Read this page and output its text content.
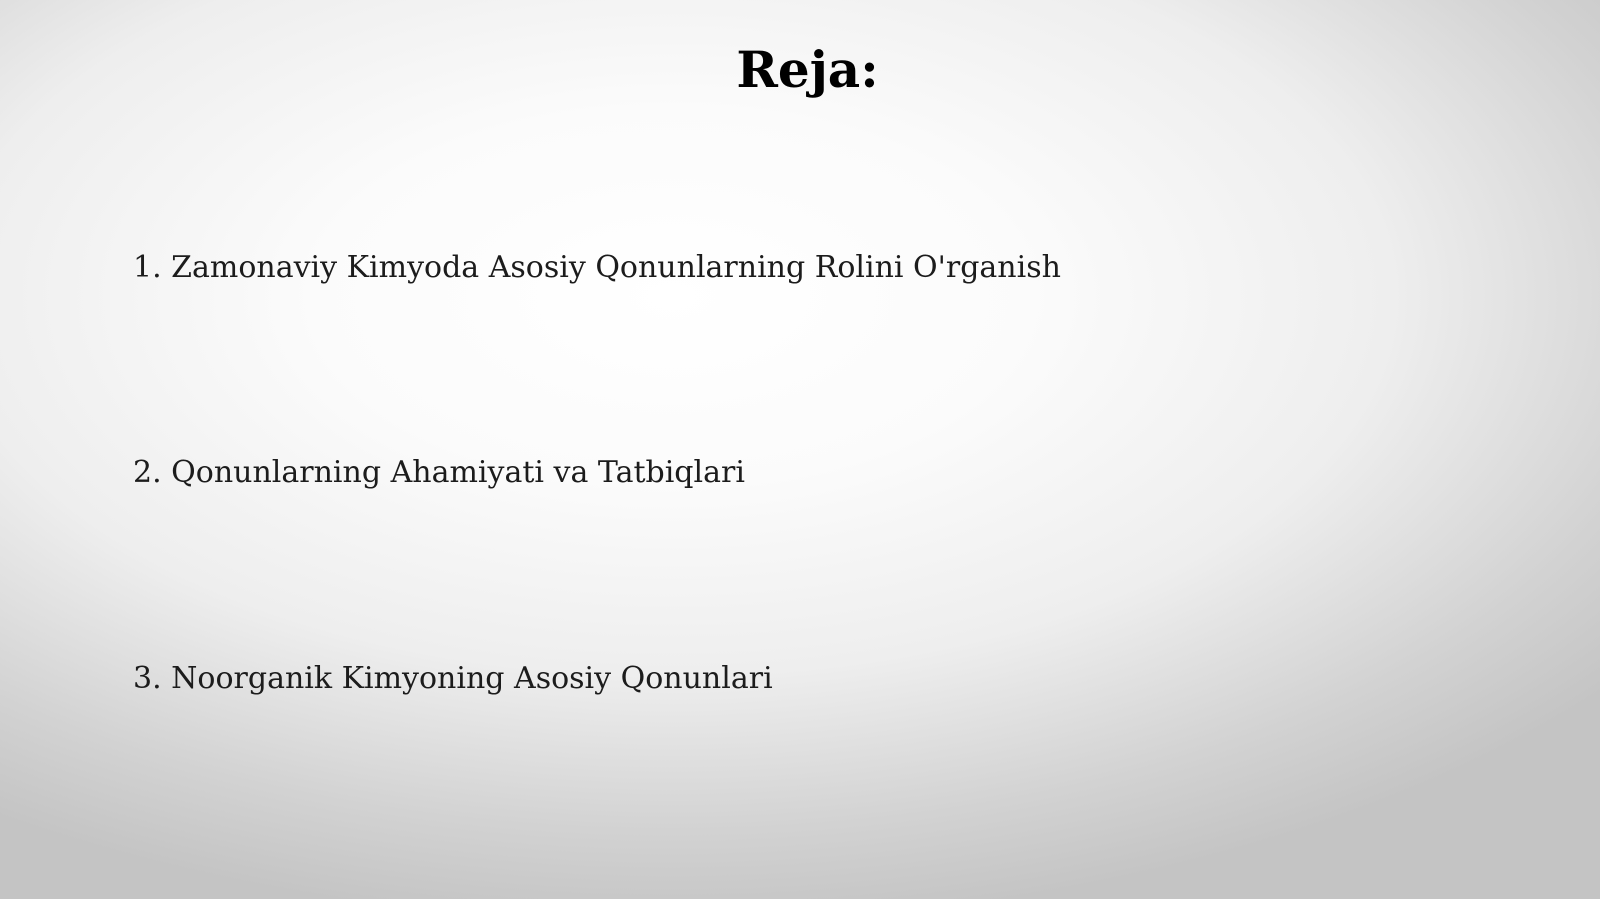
Reja:
1. Zamonaviy Kimyoda Asosiy Qonunlarning Rolini O'rganish
2. Qonunlarning Ahamiyati va Tatbiqlari
3. Noorganik Kimyoning Asosiy Qonunlari
